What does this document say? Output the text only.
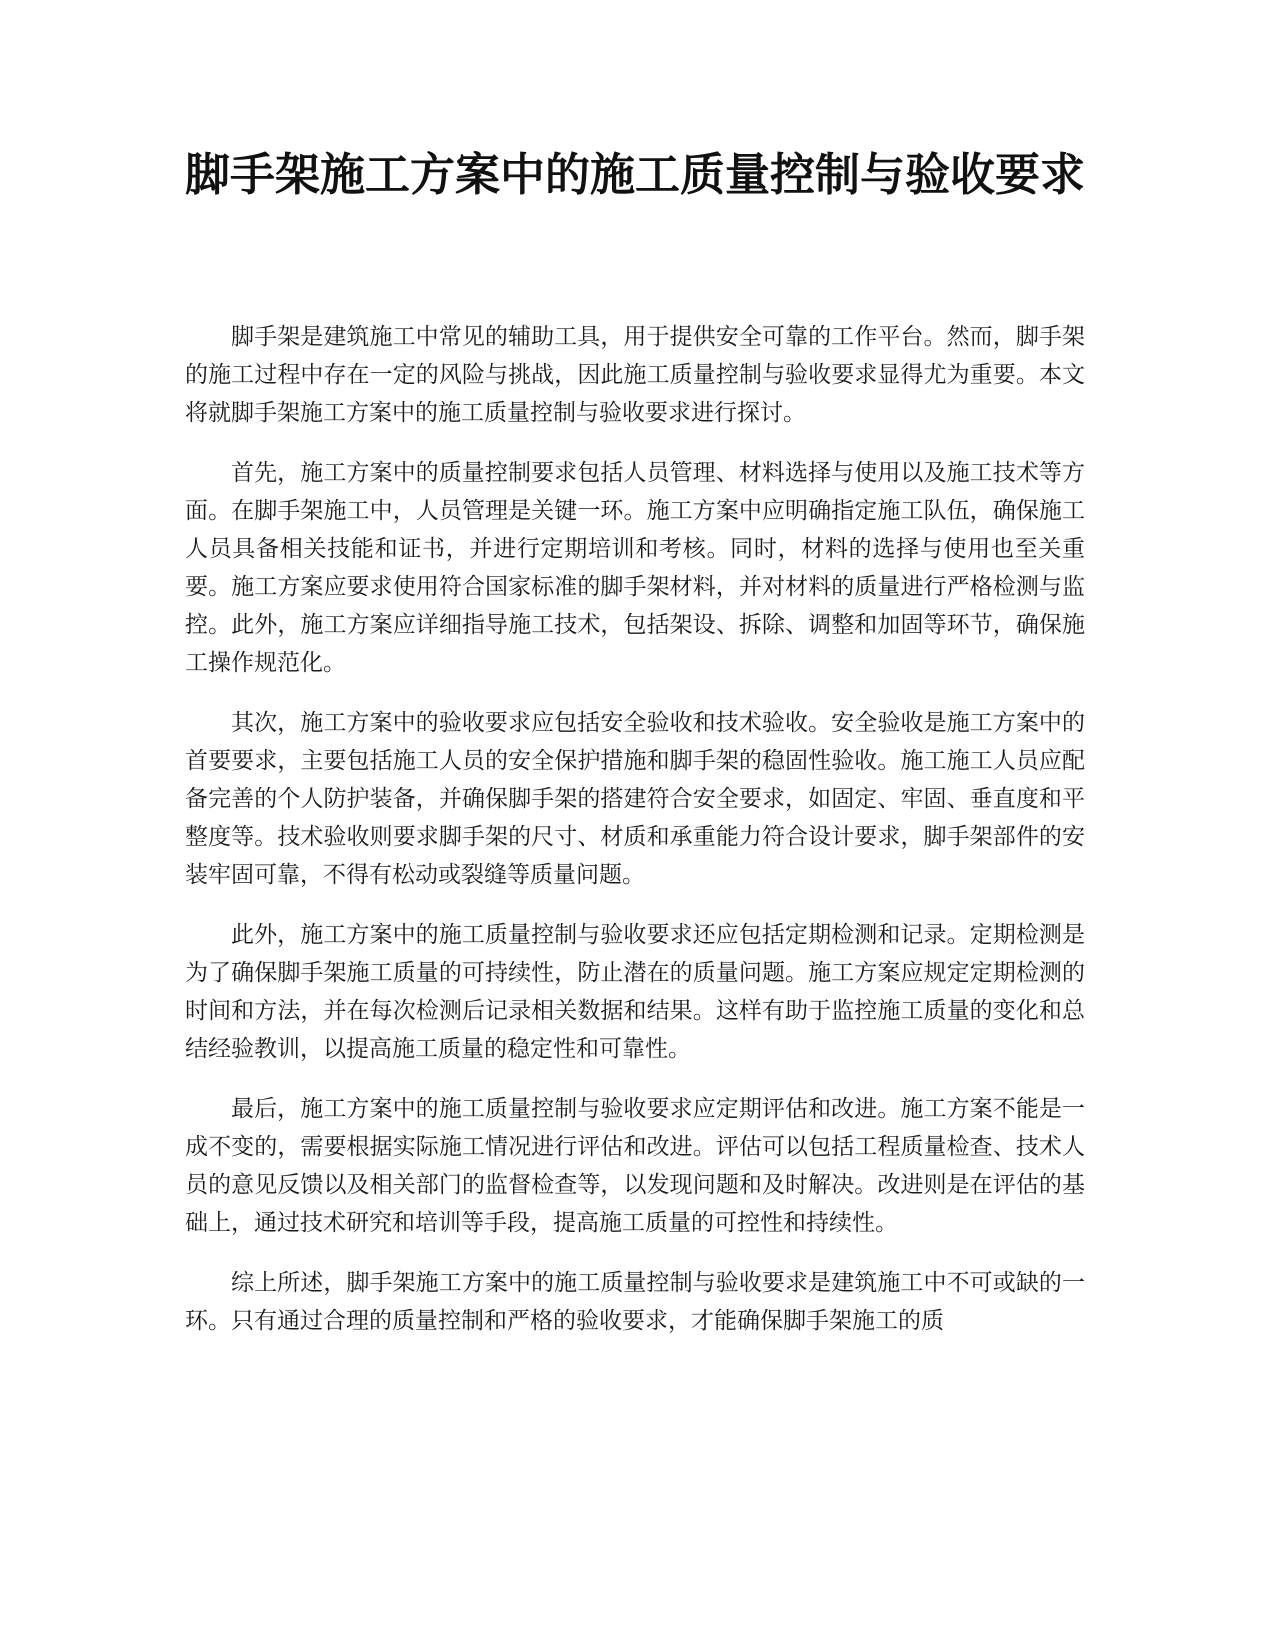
脚手架施工方案中的施工质量控制与验收要求

脚手架是建筑施工中常见的辅助工具，用于提供安全可靠的工作平台。然而，脚手架的施工过程中存在一定的风险与挑战，因此施工质量控制与验收要求显得尤为重要。本文将就脚手架施工方案中的施工质量控制与验收要求进行探讨。

首先，施工方案中的质量控制要求包括人员管理、材料选择与使用以及施工技术等方面。在脚手架施工中，人员管理是关键一环。施工方案中应明确指定施工队伍，确保施工人员具备相关技能和证书，并进行定期培训和考核。同时，材料的选择与使用也至关重要。施工方案应要求使用符合国家标准的脚手架材料，并对材料的质量进行严格检测与监控。此外，施工方案应详细指导施工技术，包括架设、拆除、调整和加固等环节，确保施工操作规范化。

其次，施工方案中的验收要求应包括安全验收和技术验收。安全验收是施工方案中的首要要求，主要包括施工人员的安全保护措施和脚手架的稳固性验收。施工施工人员应配备完善的个人防护装备，并确保脚手架的搭建符合安全要求，如固定、牢固、垂直度和平整度等。技术验收则要求脚手架的尺寸、材质和承重能力符合设计要求，脚手架部件的安装牢固可靠，不得有松动或裂缝等质量问题。

此外，施工方案中的施工质量控制与验收要求还应包括定期检测和记录。定期检测是为了确保脚手架施工质量的可持续性，防止潜在的质量问题。施工方案应规定定期检测的时间和方法，并在每次检测后记录相关数据和结果。这样有助于监控施工质量的变化和总结经验教训，以提高施工质量的稳定性和可靠性。

最后，施工方案中的施工质量控制与验收要求应定期评估和改进。施工方案不能是一成不变的，需要根据实际施工情况进行评估和改进。评估可以包括工程质量检查、技术人员的意见反馈以及相关部门的监督检查等，以发现问题和及时解决。改进则是在评估的基础上，通过技术研究和培训等手段，提高施工质量的可控性和持续性。

综上所述，脚手架施工方案中的施工质量控制与验收要求是建筑施工中不可或缺的一环。只有通过合理的质量控制和严格的验收要求，才能确保脚手架施工的质
